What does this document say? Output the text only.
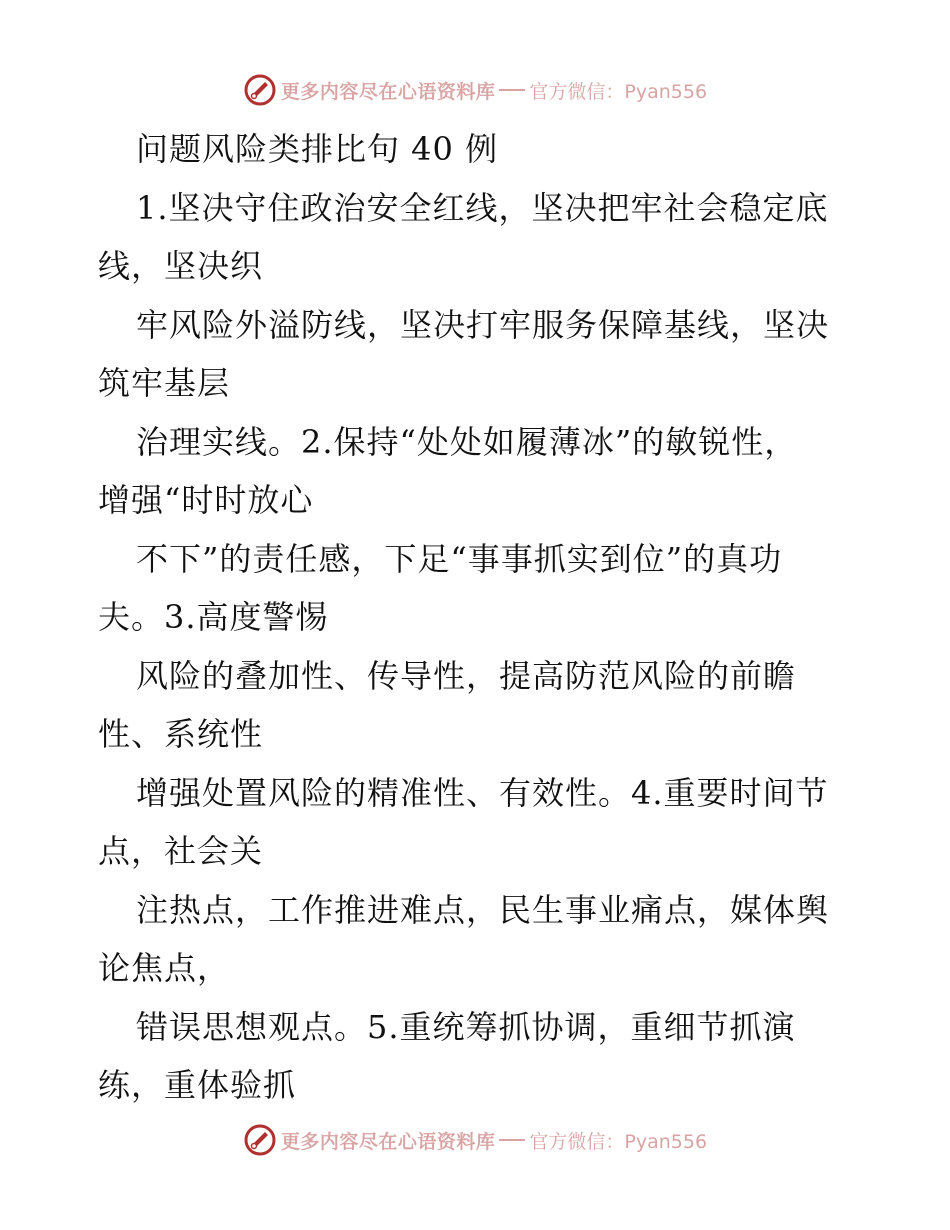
更多内容尽在心语资料库 官方微信：Pyan556
问题风险类排比句 40 例
1.坚决守住政治安全红线，坚决把牢社会稳定底
线，坚决织
牢风险外溢防线，坚决打牢服务保障基线，坚决
筑牢基层
治理实线。2.保持“处处如履薄冰”的敏锐性，
增强“时时放心
不下”的责任感，下足“事事抓实到位”的真功
夫。3.高度警惕
风险的叠加性、传导性，提高防范风险的前瞻
性、系统性
增强处置风险的精准性、有效性。4.重要时间节
点，社会关
注热点，工作推进难点，民生事业痛点，媒体舆
论焦点，
错误思想观点。5.重统筹抓协调，重细节抓演
练，重体验抓
更多内容尽在心语资料库 官方微信：Pyan556
